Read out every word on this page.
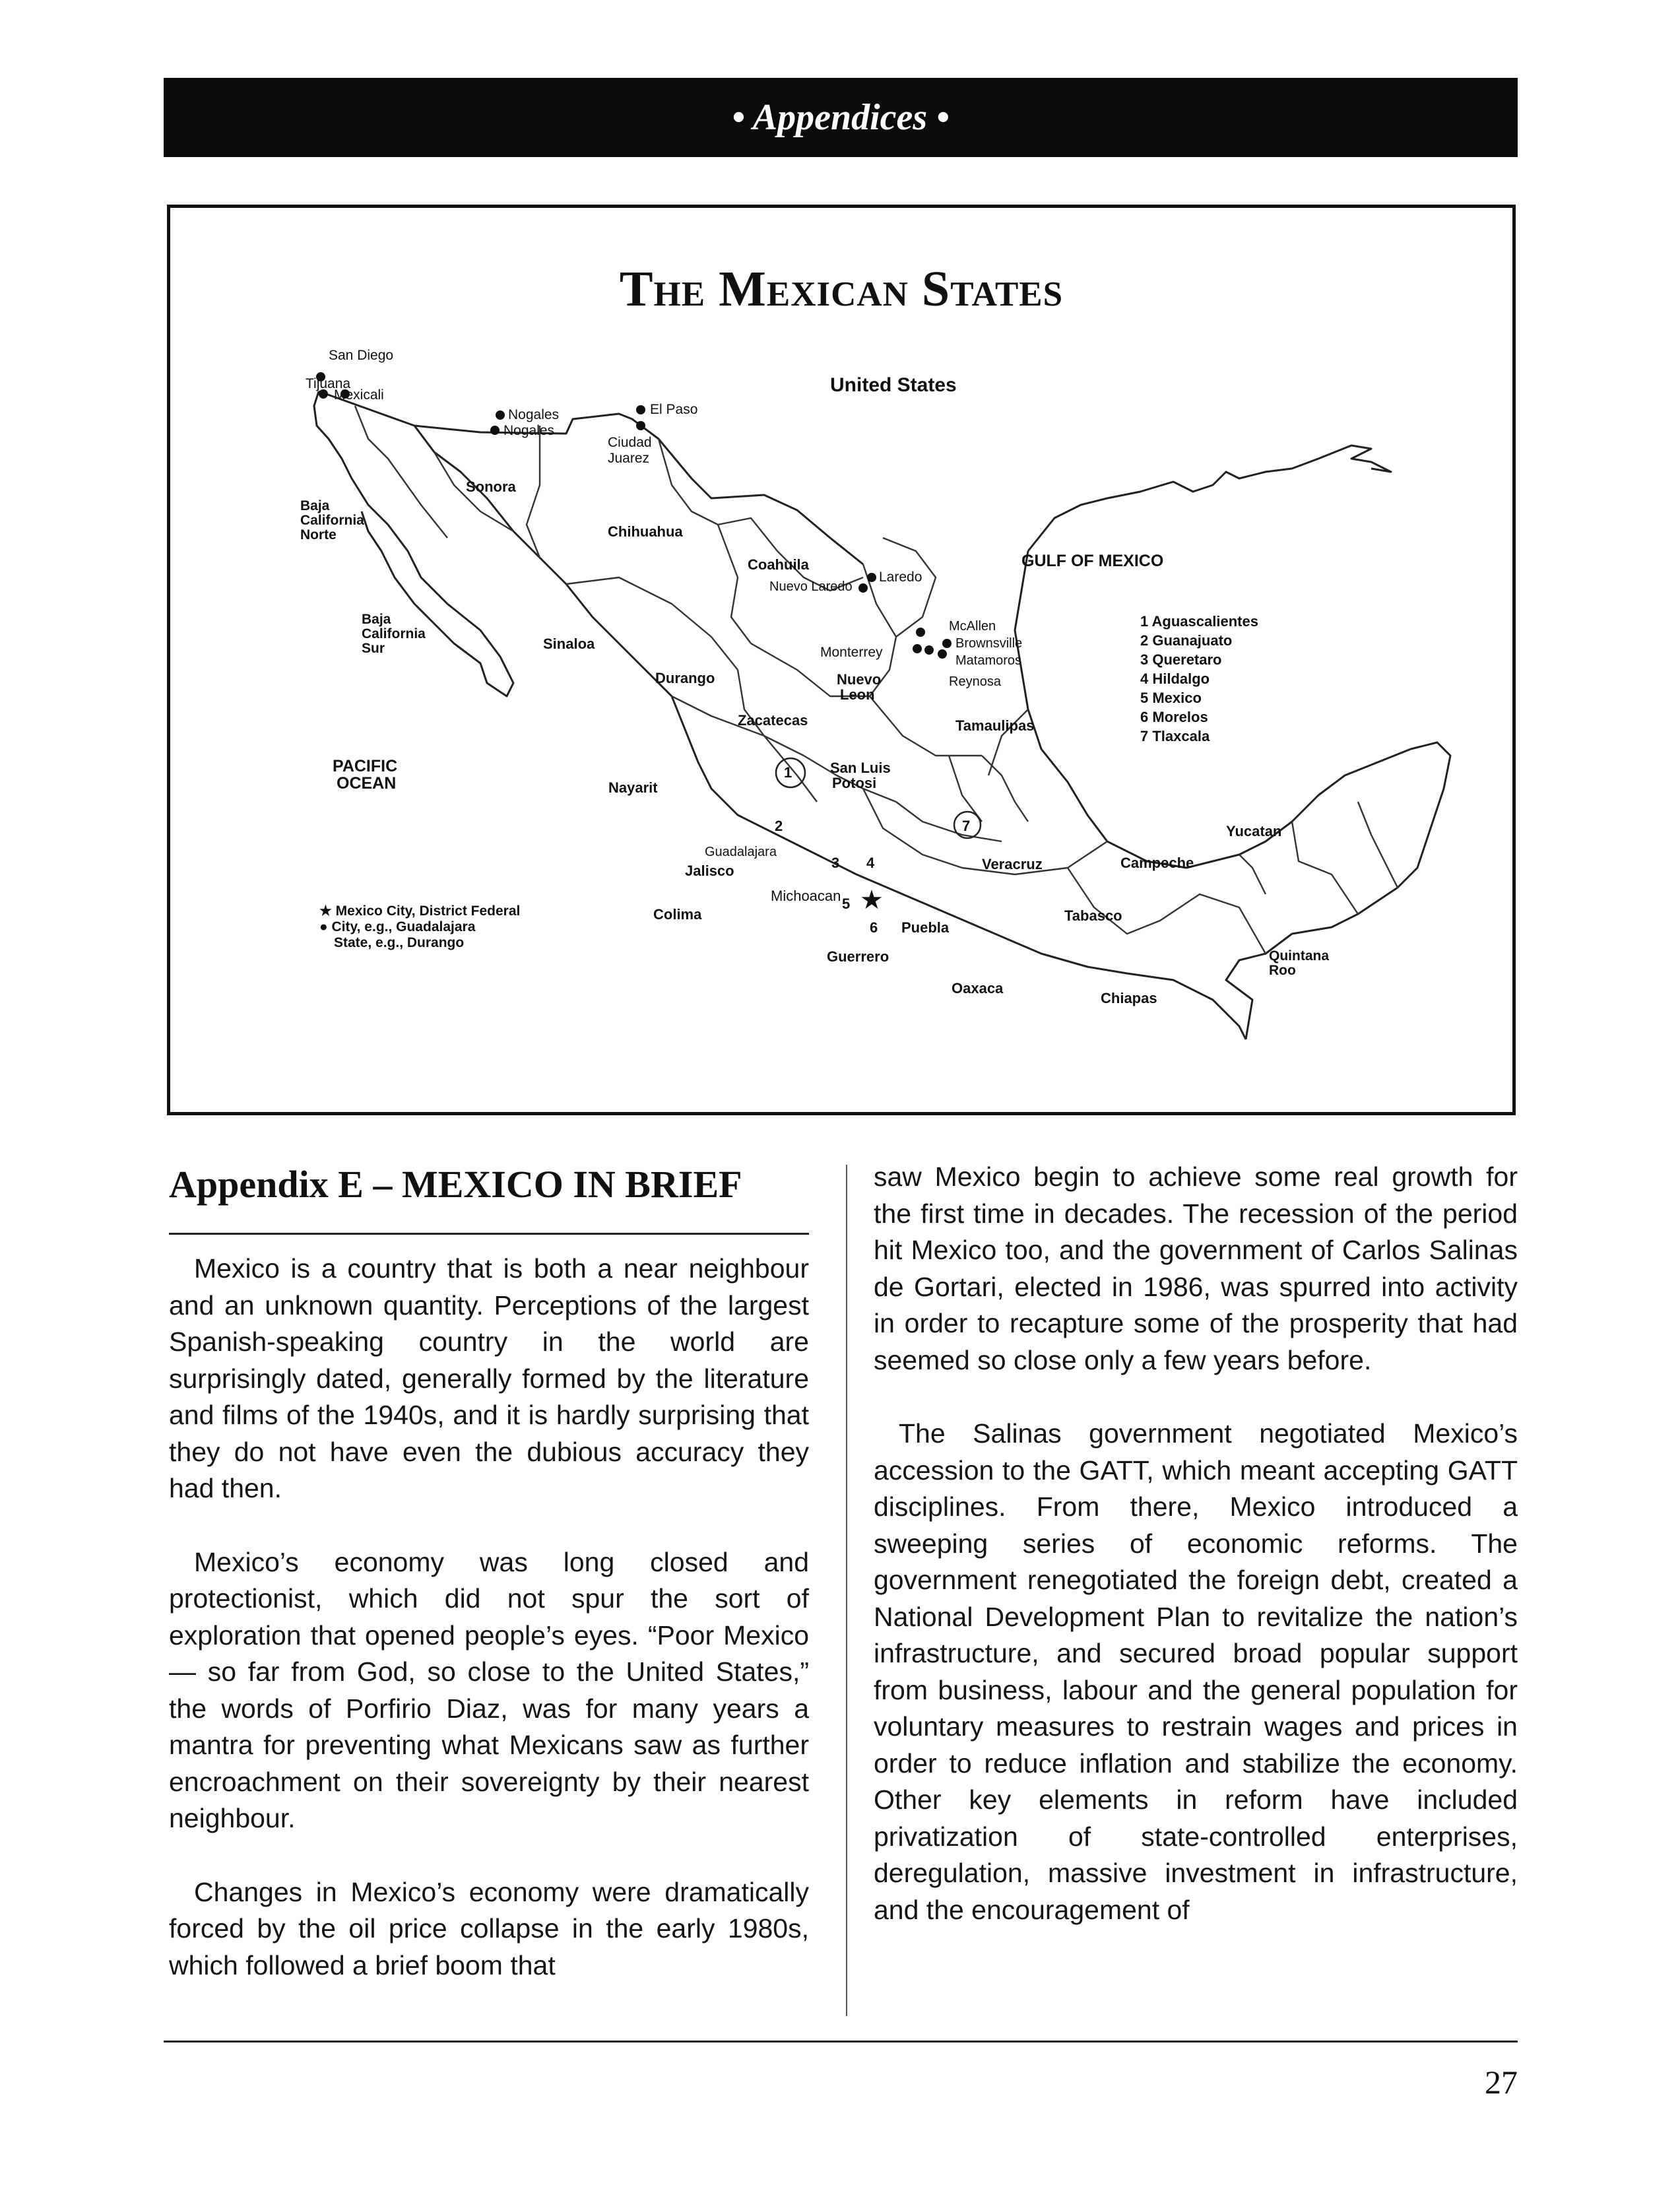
• Appendices •
The Mexican States
★
San Diego
Tijuana
Mexicali
Nogales
Nogales
El Paso
Ciudad
Juarez
Laredo
Nuevo Laredo
Monterrey
McAllen
Brownsville
Matamoros
Reynosa
Guadalajara
United States
GULF OF MEXICO
PACIFIC
OCEAN
Baja
California
Norte
Baja
California
Sur
Sonora
Chihuahua
Coahuila
Sinaloa
Durango	Nuevo
Leon
Tamaulipas
Zacatecas
San Luis
Potosi
Nayarit
Jalisco
Colima
Michoacan
3
1
2
4
5
6
7
Puebla
Guerrero
Oaxaca
Chiapas
Veracruz
Tabasco
Campeche
Yucatan
Quintana
Roo
1 Aguascalientes
2 Guanajuato
3 Queretaro
4 Hildalgo
5 Mexico
6 Morelos
7 Tlaxcala
★ Mexico City, District Federal
● City, e.g., Guadalajara
State, e.g., Durango
Appendix E – MEXICO IN BRIEF

Mexico is a country that is both a near neighbour and an unknown quantity. Perceptions of the largest Spanish-speaking country in the world are surprisingly dated, generally formed by the literature and films of the 1940s, and it is hardly surprising that they do not have even the dubious accuracy they had then.

Mexico’s economy was long closed and protectionist, which did not spur the sort of exploration that opened people’s eyes. “Poor Mexico — so far from God, so close to the United States,” the words of Porfirio Diaz, was for many years a mantra for preventing what Mexicans saw as further encroachment on their sovereignty by their nearest neighbour.

Changes in Mexico’s economy were dramatically forced by the oil price collapse in the early 1980s, which followed a brief boom that

saw Mexico begin to achieve some real growth for the first time in decades. The recession of the period hit Mexico too, and the government of Carlos Salinas de Gortari, elected in 1986, was spurred into activity in order to recapture some of the prosperity that had seemed so close only a few years before.

The Salinas government negotiated Mexico’s accession to the GATT, which meant accepting GATT disciplines. From there, Mexico introduced a sweeping series of economic reforms. The government renegotiated the foreign debt, created a National Development Plan to revitalize the nation’s infrastructure, and secured broad popular support from business, labour and the general population for voluntary measures to restrain wages and prices in order to reduce inflation and stabilize the economy. Other key elements in reform have included privatization of state-controlled enterprises, deregulation, massive investment in infrastructure, and the encouragement of

27
